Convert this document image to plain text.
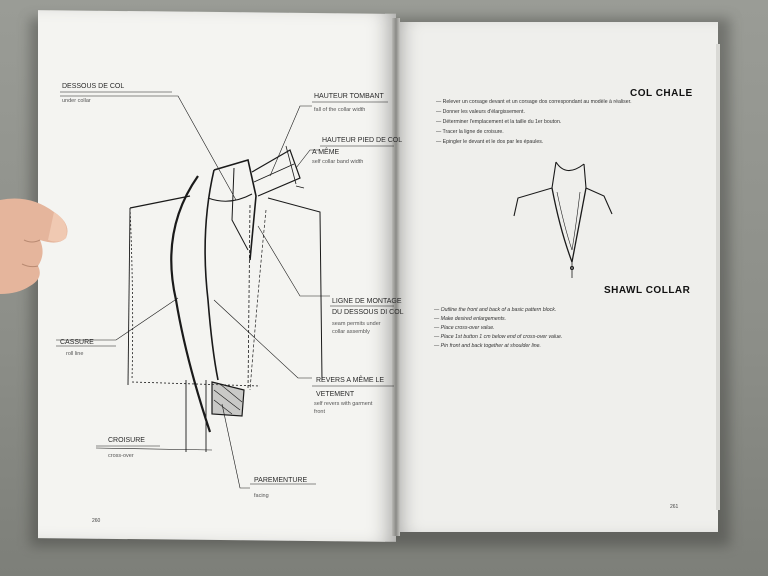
DESSOUS DE COL
under collar
HAUTEUR TOMBANT
fall of the collar width
HAUTEUR PIED DE COL
A MÊME
self collar band width
LIGNE DE MONTAGE
DU DESSOUS DI COL
seam permits under
collar assembly
CASSURE
roll line
REVERS A MÊME LE
VETEMENT
self revers with garment
front
CROISURE
cross-over
PAREMENTURE
facing
260
COL CHALE
— Relever un corsage devant et un corsage dos correspondant au modèle à réaliser.
— Donner les valeurs d'élargissement.
— Déterminer l'emplacement et la taille du 1er bouton.
— Tracer la ligne de croisure.
— Epingler le devant et le dos par les épaules.
SHAWL COLLAR
— Outline the front and back of a basic pattern block.
— Make desired enlargements.
— Place cross-over value.
— Place 1st button 1 cm below end of cross-over value.
— Pin front and back together at shoulder line.
261
